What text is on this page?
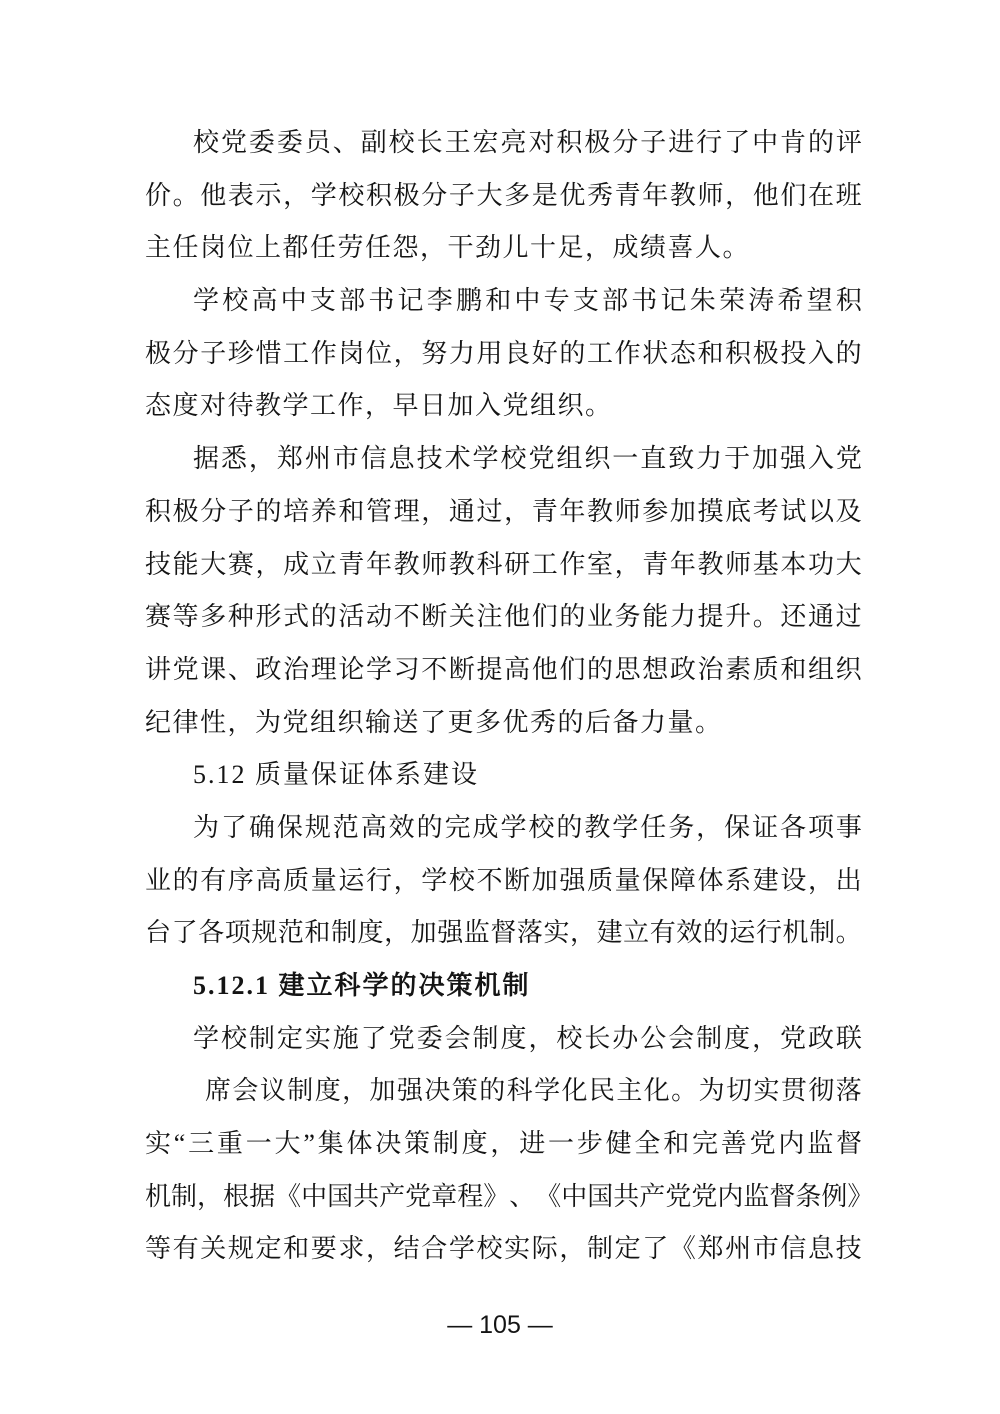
校 党 委 委 员 、 副 校 长 王 宏 亮 对 积 极 分 子 进 行 了 中 肯 的 评
价 。 他 表 示 ， 学 校 积 极 分 子 大 多 是 优 秀 青 年 教 师 ， 他 们 在 班
主任岗位上都任劳任怨，干劲儿十足，成绩喜人。
学 校 高 中 支 部 书 记 李 鹏 和 中 专 支 部 书 记 朱 荣 涛 希 望 积
极 分 子 珍 惜 工 作 岗 位 ， 努 力 用 良 好 的 工 作 状 态 和 积 极 投 入 的
态度对待教学工作，早日加入党组织。
据 悉 ， 郑 州 市 信 息 技 术 学 校 党 组 织 一 直 致 力 于 加 强 入 党
积 极 分 子 的 培 养 和 管 理 ， 通 过 ， 青 年 教 师 参 加 摸 底 考 试 以 及
技 能 大 赛 ， 成 立 青 年 教 师 教 科 研 工 作 室 ， 青 年 教 师 基 本 功 大
赛 等 多 种 形 式 的 活 动 不 断 关 注 他 们 的 业 务 能 力 提 升 。 还 通 过
讲 党 课 、 政 治 理 论 学 习 不 断 提 高 他 们 的 思 想 政 治 素 质 和 组 织
纪律性，为党组织输送了更多优秀的后备力量。
5.12 质量保证体系建设
为 了 确 保 规 范 高 效 的 完 成 学 校 的 教 学 任 务 ， 保 证 各 项 事
业 的 有 序 高 质 量 运 行 ， 学 校 不 断 加 强 质 量 保 障 体 系 建 设 ， 出
台 了 各 项 规 范 和 制 度 ， 加 强 监 督 落 实 ， 建 立 有 效 的 运 行 机 制 。
5.12.1 建立科学的决策机制
学 校 制 定 实 施 了 党 委 会 制 度 ， 校 长 办 公 会 制 度 ， 党 政 联
席 会 议 制 度 ， 加 强 决 策 的 科 学 化 民 主 化 。 为 切 实 贯 彻 落
实 “ 三 重 一 大 ” 集 体 决 策 制 度 ， 进 一 步 健 全 和 完 善 党 内 监 督
机 制 ， 根 据 《 中 国 共 产 党 章 程 》 、 《 中 国 共 产 党 党 内 监 督 条 例 》
等 有 关 规 定 和 要 求 ， 结 合 学 校 实 际 ， 制 定 了 《 郑 州 市 信 息 技
— 105 —
